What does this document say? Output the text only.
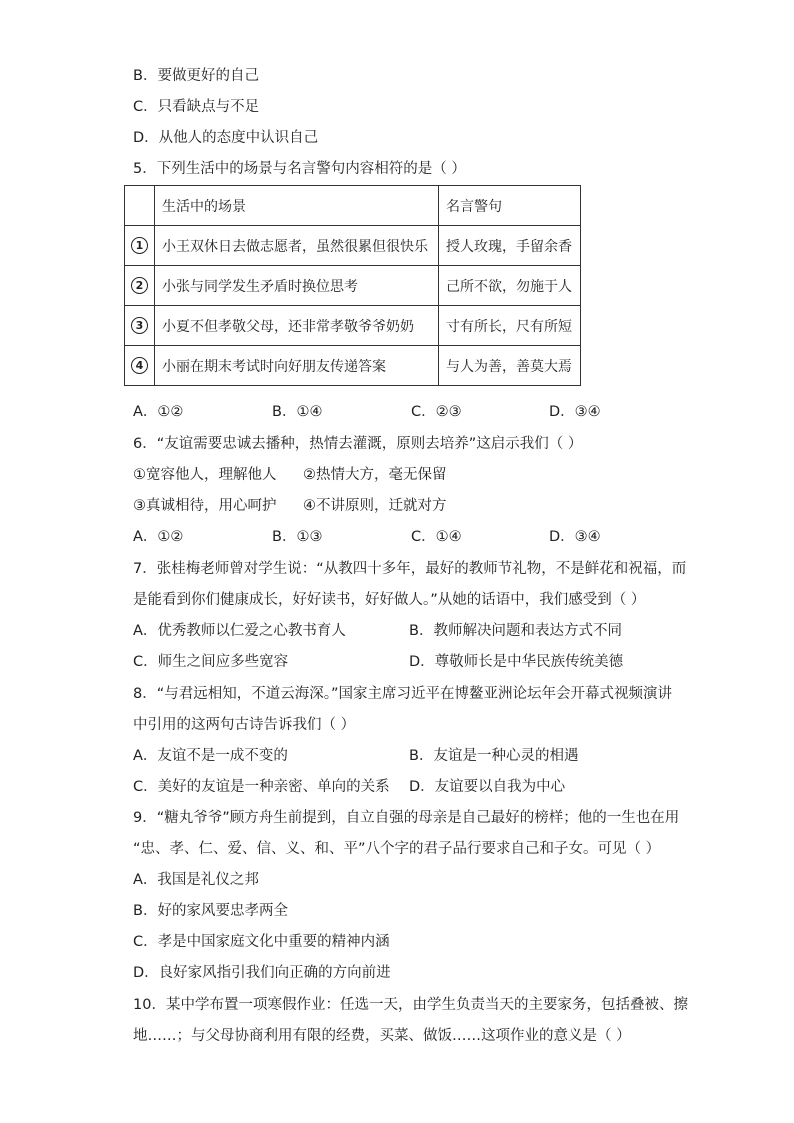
B．要做更好的自己
C．只看缺点与不足
D．从他人的态度中认识自己
5．下列生活中的场景与名言警句内容相符的是（ ）
	生活中的场景	名言警句
1	小王双休日去做志愿者，虽然很累但很快乐	授人玫瑰，手留余香
2	小张与同学发生矛盾时换位思考	己所不欲，勿施于人
3	小夏不但孝敬父母，还非常孝敬爷爷奶奶	寸有所长，尺有所短
4	小丽在期末考试时向好朋友传递答案	与人为善，善莫大焉
A．①②	B．①④	C．②③	D．③④
6．“友谊需要忠诚去播种，热情去灌溉，原则去培养”这启示我们（ ）
①宽容他人，理解他人 ②热情大方，毫无保留
③真诚相待，用心呵护 ④不讲原则，迁就对方
A．①②	B．①③	C．①④	D．③④
7．张桂梅老师曾对学生说：“从教四十多年，最好的教师节礼物，不是鲜花和祝福，而
是能看到你们健康成长，好好读书，好好做人。”从她的话语中，我们感受到（ ）
A．优秀教师以仁爱之心教书育人	B．教师解决问题和表达方式不同
C．师生之间应多些宽容	D．尊敬师长是中华民族传统美德
8．“与君远相知，不道云海深。”国家主席习近平在博鳌亚洲论坛年会开幕式视频演讲
中引用的这两句古诗告诉我们（ ）
A．友谊不是一成不变的	B．友谊是一种心灵的相遇
C．美好的友谊是一种亲密、单向的关系 D．友谊要以自我为中心
9．“糖丸爷爷”顾方舟生前提到，自立自强的母亲是自己最好的榜样；他的一生也在用
“忠、孝、仁、爱、信、义、和、平”八个字的君子品行要求自己和子女。可见（ ）
A．我国是礼仪之邦
B．好的家风要忠孝两全
C．孝是中国家庭文化中重要的精神内涵
D．良好家风指引我们向正确的方向前进
10．某中学布置一项寒假作业：任选一天，由学生负责当天的主要家务，包括叠被、擦
地……；与父母协商利用有限的经费，买菜、做饭……这项作业的意义是（ ）
